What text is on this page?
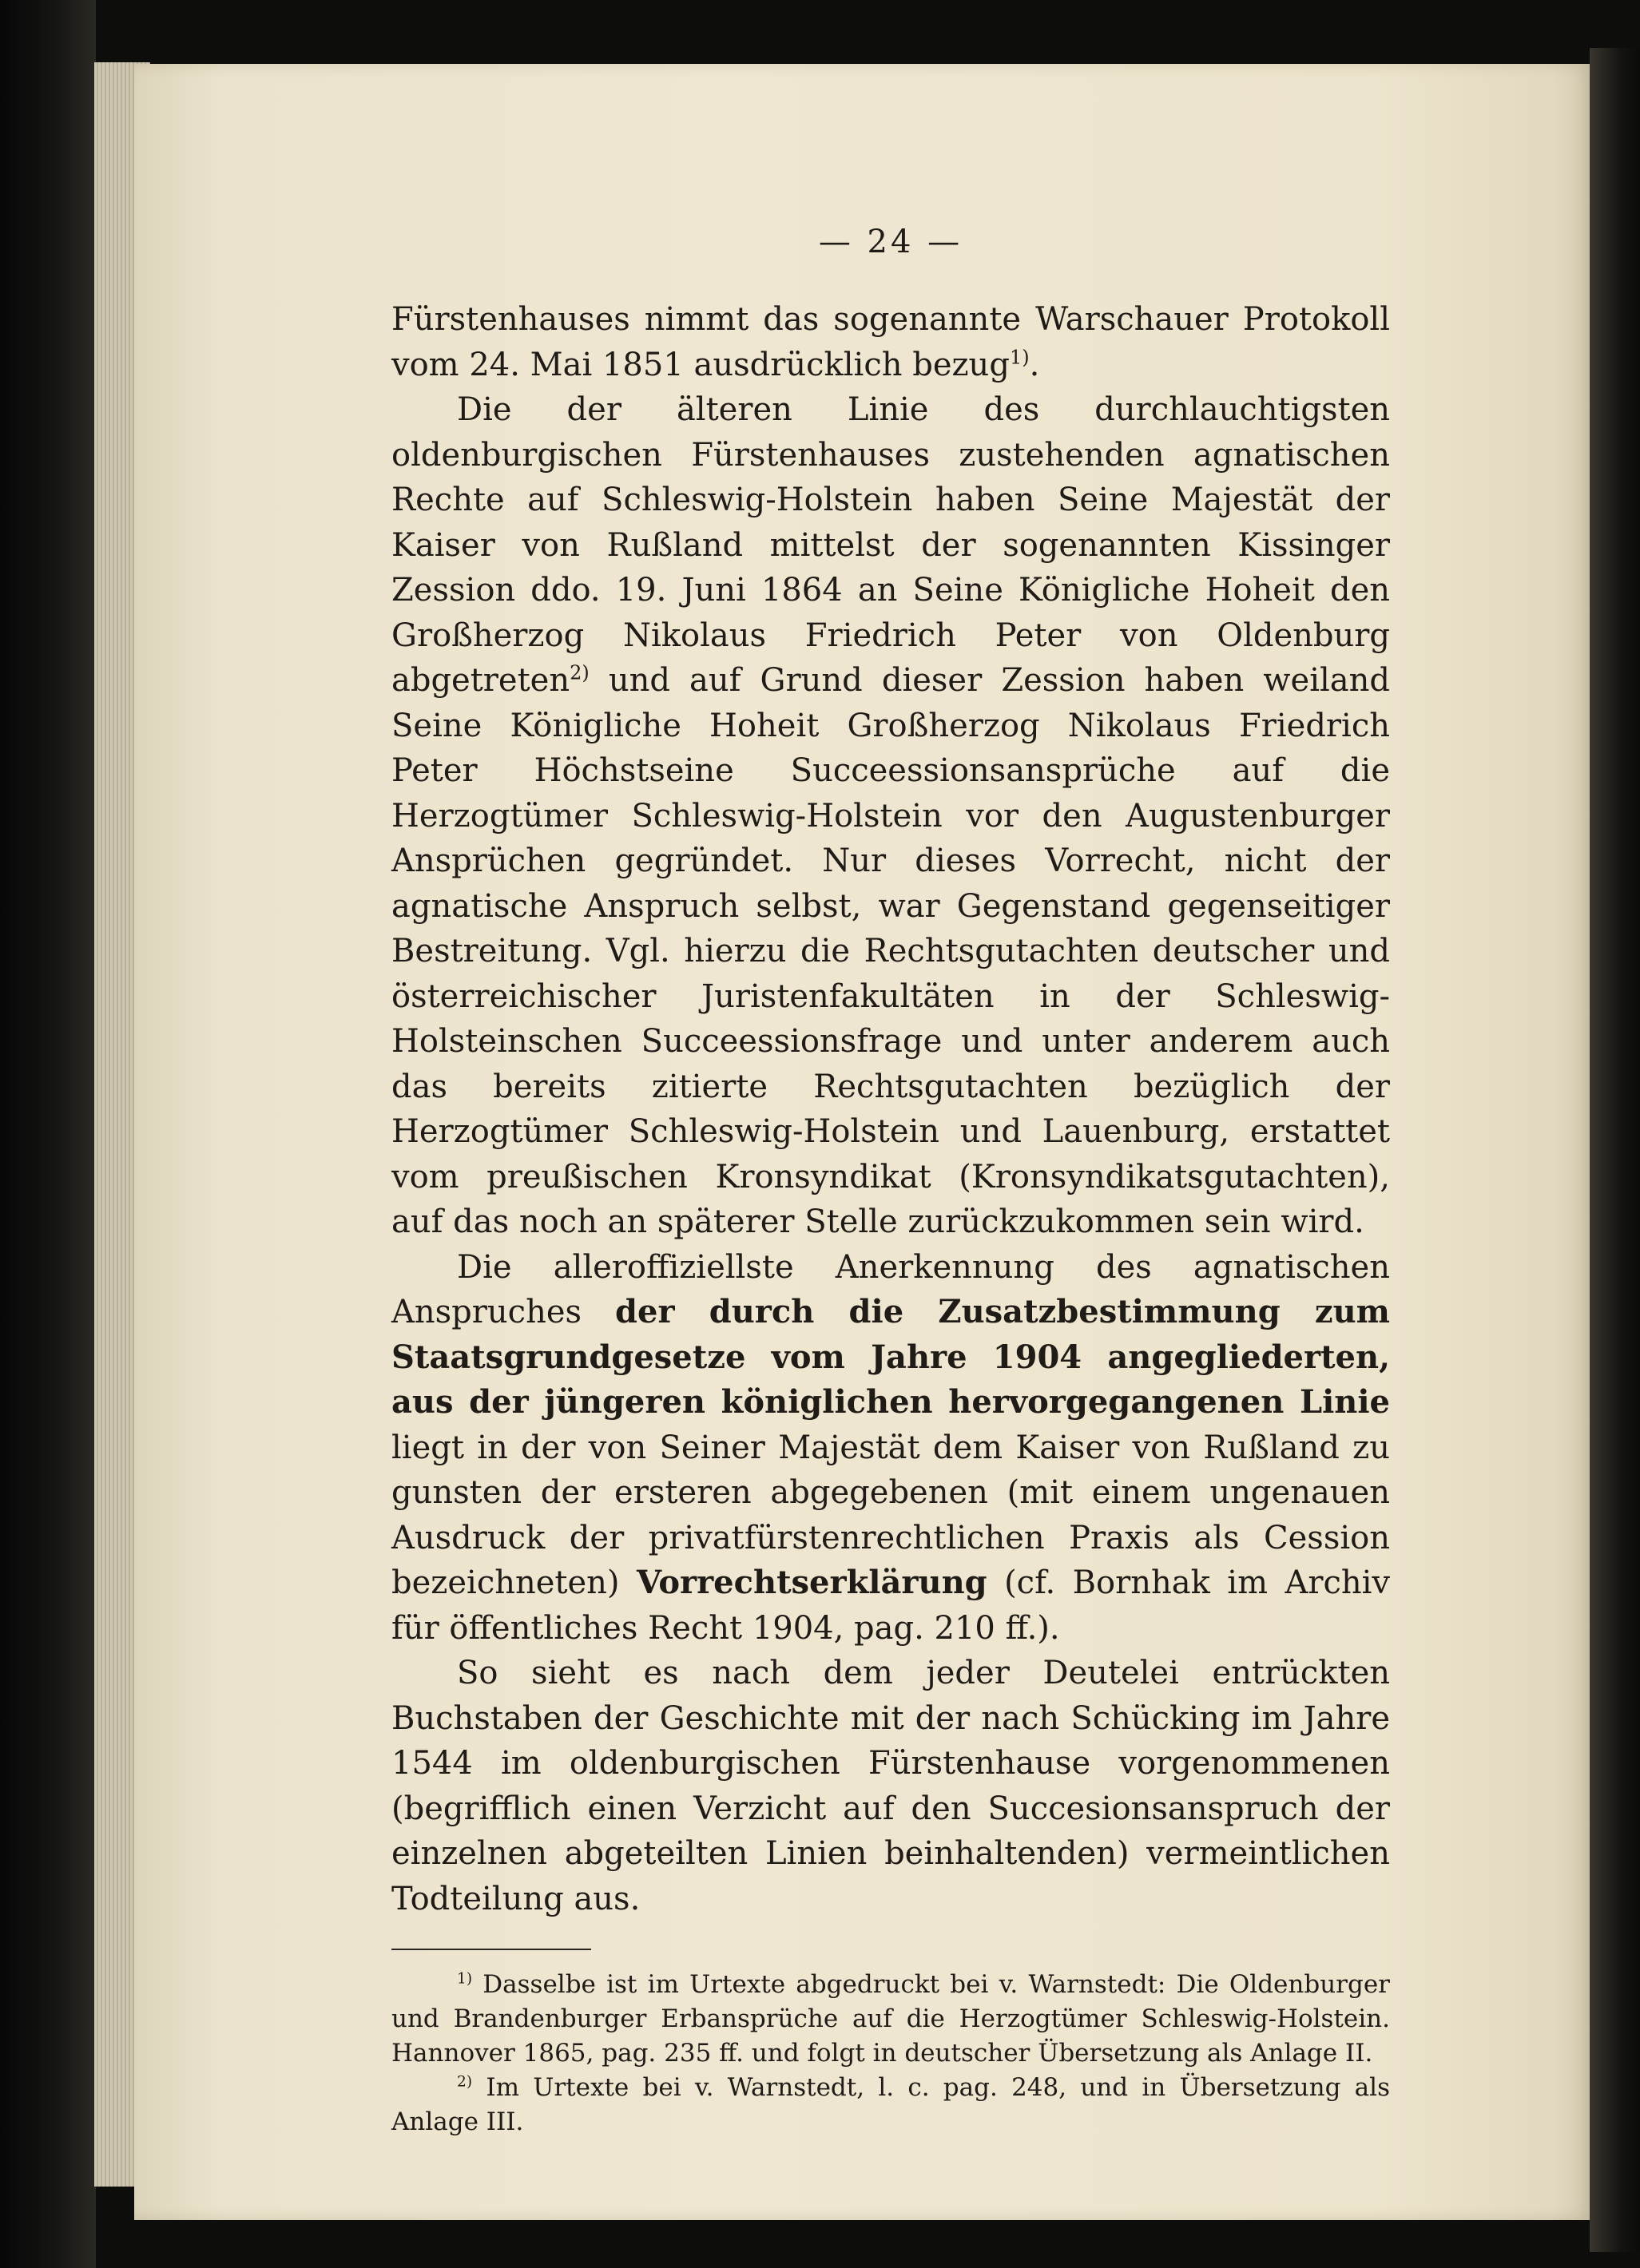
— 24 —

Fürstenhauses nimmt das sogenannte Warschauer Protokoll vom 24. Mai 1851 ausdrücklich bezug$^{1)}$.

Die der älteren Linie des durchlauchtigsten oldenburgischen Fürstenhauses zustehenden agnatischen Rechte auf Schleswig-Holstein haben Seine Majestät der Kaiser von Rußland mittelst der sogenannten Kissinger Zession ddo. 19. Juni 1864 an Seine Königliche Hoheit den Großherzog Nikolaus Friedrich Peter von Oldenburg abgetreten$^{2)}$ und auf Grund dieser Zession haben weiland Seine Königliche Hoheit Großherzog Nikolaus Friedrich Peter Höchstseine Succeessionsansprüche auf die Herzogtümer Schleswig-Holstein vor den Augustenburger Ansprüchen gegründet. Nur dieses Vorrecht, nicht der agnatische Anspruch selbst, war Gegenstand gegenseitiger Bestreitung. Vgl. hierzu die Rechtsgutachten deutscher und österreichischer Juristenfakultäten in der Schleswig-Holsteinschen Succeessionsfrage und unter anderem auch das bereits zitierte Rechtsgutachten bezüglich der Herzogtümer Schleswig-Holstein und Lauenburg, erstattet vom preußischen Kronsyndikat (Kronsyndikatsgutachten), auf das noch an späterer Stelle zurückzukommen sein wird.

Die alleroffiziellste Anerkennung des agnatischen Anspruches der durch die Zusatzbestimmung zum Staatsgrundgesetze vom Jahre 1904 angegliederten, aus der jüngeren königlichen hervorgegangenen Linie liegt in der von Seiner Majestät dem Kaiser von Rußland zu gunsten der ersteren abgegebenen (mit einem ungenauen Ausdruck der privatfürstenrechtlichen Praxis als Cession bezeichneten) Vorrechtserklärung (cf. Bornhak im Archiv für öffentliches Recht 1904, pag. 210 ff.).

So sieht es nach dem jeder Deutelei entrückten Buchstaben der Geschichte mit der nach Schücking im Jahre 1544 im oldenburgischen Fürstenhause vorgenommenen (begrifflich einen Verzicht auf den Succesionsanspruch der einzelnen abgeteilten Linien beinhaltenden) vermeintlichen Todteilung aus.

$^{1)}$ Dasselbe ist im Urtexte abgedruckt bei v. Warnstedt: Die Oldenburger und Brandenburger Erbansprüche auf die Herzogtümer Schleswig-Holstein. Hannover 1865, pag. 235 ff. und folgt in deutscher Übersetzung als Anlage II.

$^{2)}$ Im Urtexte bei v. Warnstedt, l. c. pag. 248, und in Übersetzung als Anlage III.
